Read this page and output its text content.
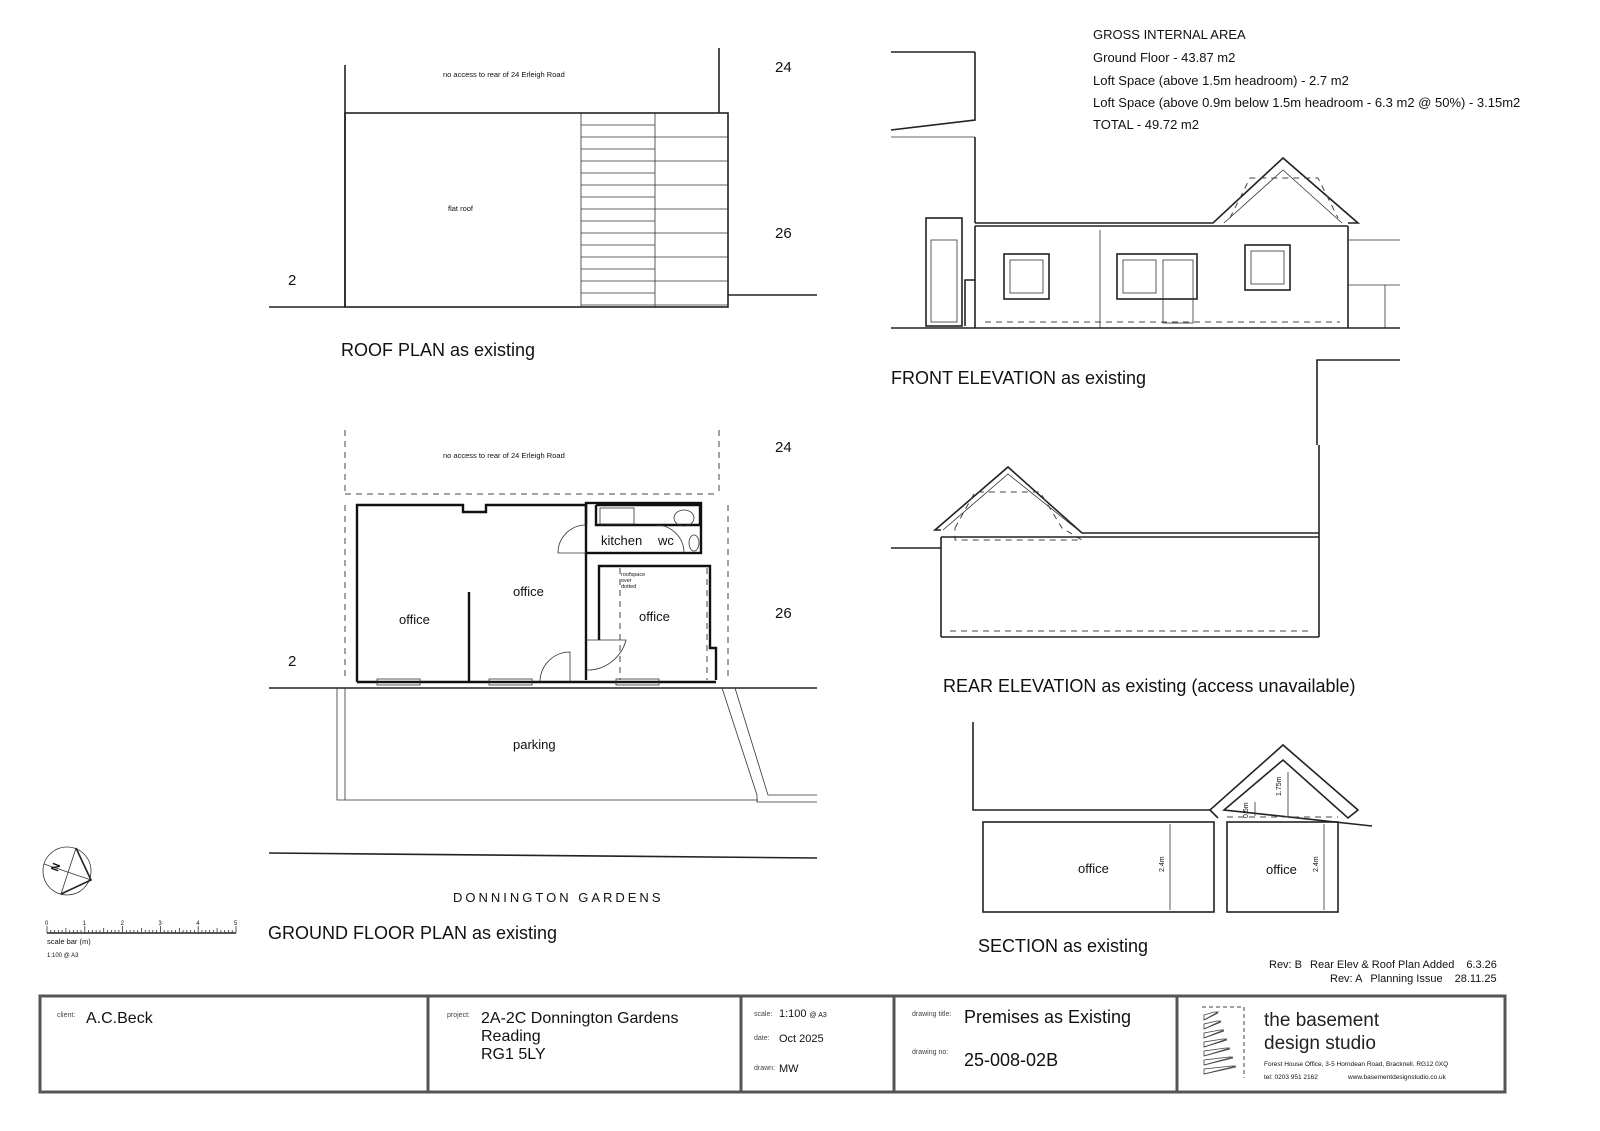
no access to rear of 24 Erleigh Road
flat roof
24
26
2
ROOF PLAN as existing
no access to rear of 24 Erleigh Road
office
office
office
kitchen wc
parking
roofspace
over
dotted
24
26
2
DONNINGTON GARDENS
GROUND FLOOR PLAN as existing
N
scale bar (m)
1:100 @ A3
0	1	2	3	4	5
FRONT ELEVATION as existing
GROSS INTERNAL AREA
Ground Floor - 43.87 m2
Loft Space (above 1.5m headroom) - 2.7 m2
Loft Space (above 0.9m below 1.5m headroom - 6.3 m2 @ 50%) - 3.15m2
TOTAL - 49.72 m2
REAR ELEVATION as existing (access unavailable)
office	office
2.4m	2.4m
1.75m
0.5m
SECTION as existing
Rev: B Rear Elev & Roof Plan Added 6.3.26
Rev: A Planning Issue 28.11.25
client: A.C.Beck	project: 2A-2C Donnington Gardens
Reading
RG1 5LY
scale: 1:100 @ A3
date: Oct 2025
drawn: MW
drawing title: Premises as Existing
drawing no: 25-008-02B
the basement
design studio
Forest House Office, 3-5 Horndean Road, Bracknell. RG12 0XQ
tel: 0203 951 2162	www.basementdesignstudio.co.uk
